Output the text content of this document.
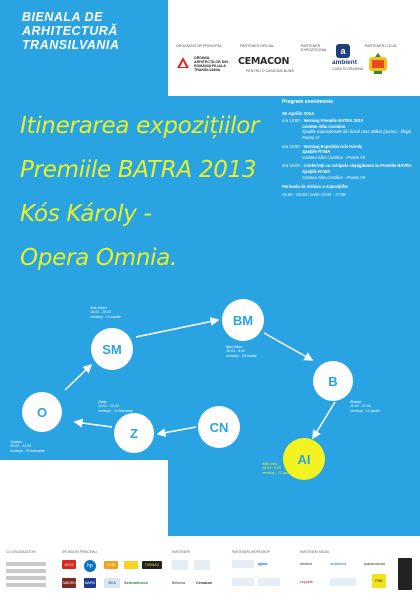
BIENALA DE
ARHITECTURĂ
TRANSILVANIA	ORGANIZATOR PRINCIPAL
ORDINUL ARHITECȚILOR DIN ROMÂNIA FILIALA TRANSILVANIA
PARTENER OFICIAL
CEMACON
PENTRU O CASĂ MAI BUNĂ
PARTENER EXPOZIȚIONAL	a
ambient
CASA SI GRADINA
PARTENER LOCAL
Itinerarea expozițiilor
Premiile BATRA 2013
Kós Károly -
Opera Omnia.
Program evenimente
25 Aprilie 2014
ora 14:00 - Vernisaj Premiile BATRA 2013
Cetatea Alba Carolina
Spațiile Expoziționale din fostul Cerc Militar (parter) - lângă Poarta VI
ora 15:00 - Vernisaj Expoziția Kós Károly
Spațiile RYMA
Cetatea Alba Carolina - Poarta VII
ora 16:00 - Conferință cu echipele câștigătoare la Premiile BATRA
Spațiile RYMA
Cetatea Alba Carolina - Poarta VII
Perioada de vizitare a expozițiilor
25.04 - 08.05 / orele 10:00 - 17:00
SM
Satu Mare
14.03 - 26.03
vernisaj - 14 martie	BM
Baia Mare
28.03 - 9.04
vernisaj - 28 martie
B
Bistrița
11.04 - 23.04
vernisaj - 11 aprilie
AI
Alba Iulia
25.04 - 8.05
vernisaj - 25 aprilie
CN
Z
Zalău
14.02 - 26.02
vernisaj - 14 februarie
O
Oradea
28.02 - 12.03
vernisaj - 28 februarie
CO-ORGANIZATORI	SPONSORI PRINCIPALI	PARTENERI	PARTENERI WORKSHOP	PARTENERI MEDIA
ACO	hp	CUB	TARMAC
TABORO	MAPEI	SIKA	Semmelrock	Beltonia	Cemacon
igloo	arhitext	arhitectura	spatiucontrolat
zeppelin	PSB
